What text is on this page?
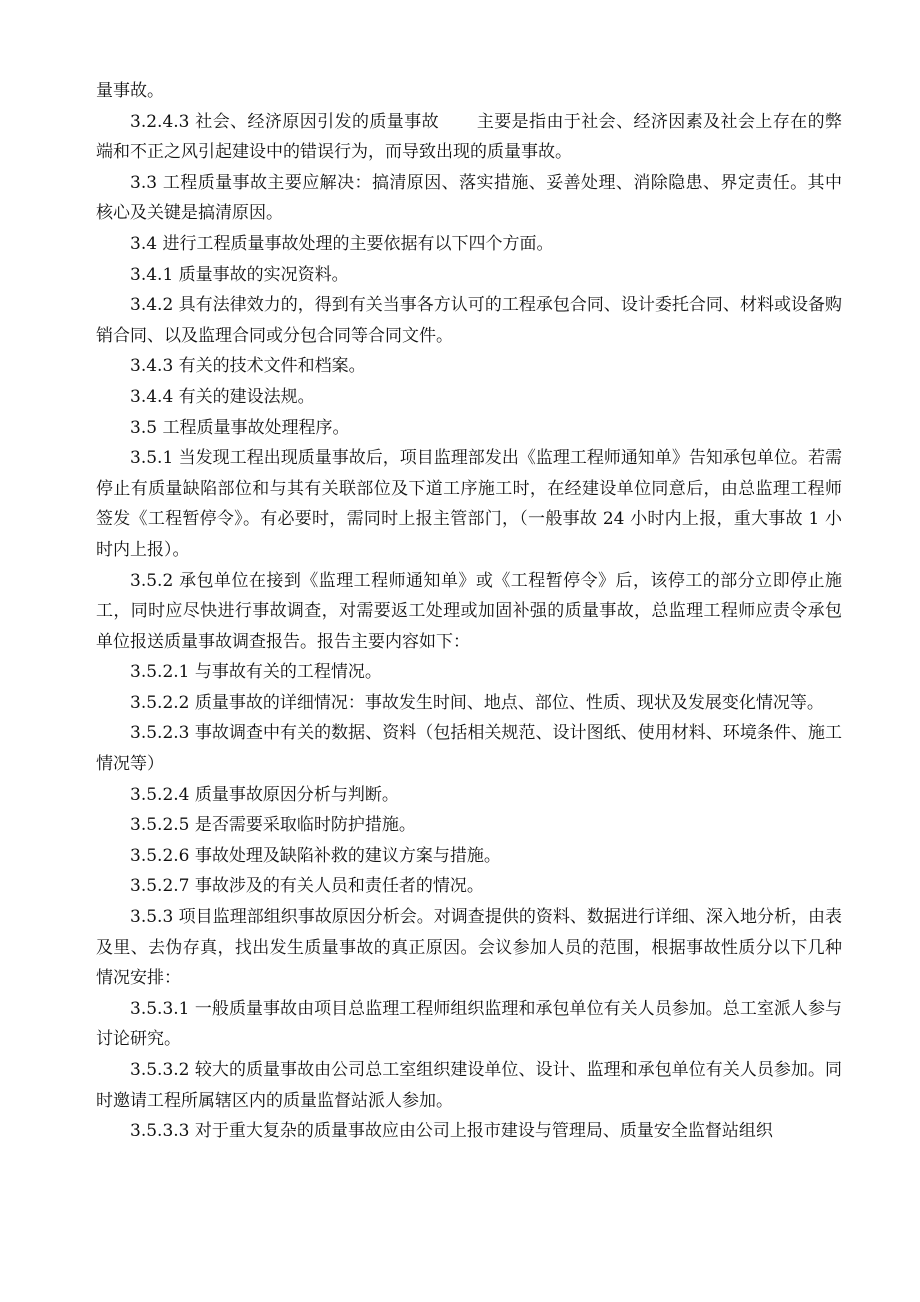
量事故。

3.2.4.3 社会、经济原因引发的质量事故 主要是指由于社会、经济因素及社会上存在的弊端和不正之风引起建设中的错误行为，而导致出现的质量事故。

3.3 工程质量事故主要应解决：搞清原因、落实措施、妥善处理、消除隐患、界定责任。其中核心及关键是搞清原因。

3.4 进行工程质量事故处理的主要依据有以下四个方面。

3.4.1 质量事故的实况资料。

3.4.2 具有法律效力的，得到有关当事各方认可的工程承包合同、设计委托合同、材料或设备购销合同、以及监理合同或分包合同等合同文件。

3.4.3 有关的技术文件和档案。

3.4.4 有关的建设法规。

3.5 工程质量事故处理程序。

3.5.1 当发现工程出现质量事故后，项目监理部发出《监理工程师通知单》告知承包单位。若需停止有质量缺陷部位和与其有关联部位及下道工序施工时，在经建设单位同意后，由总监理工程师签发《工程暂停令》。有必要时，需同时上报主管部门，（一般事故 24 小时内上报，重大事故 1 小时内上报）。

3.5.2 承包单位在接到《监理工程师通知单》或《工程暂停令》后，该停工的部分立即停止施工，同时应尽快进行事故调查，对需要返工处理或加固补强的质量事故，总监理工程师应责令承包单位报送质量事故调查报告。报告主要内容如下：

3.5.2.1 与事故有关的工程情况。

3.5.2.2 质量事故的详细情况：事故发生时间、地点、部位、性质、现状及发展变化情况等。

3.5.2.3 事故调查中有关的数据、资料（包括相关规范、设计图纸、使用材料、环境条件、施工情况等）

3.5.2.4 质量事故原因分析与判断。

3.5.2.5 是否需要采取临时防护措施。

3.5.2.6 事故处理及缺陷补救的建议方案与措施。

3.5.2.7 事故涉及的有关人员和责任者的情况。

3.5.3 项目监理部组织事故原因分析会。对调查提供的资料、数据进行详细、深入地分析，由表及里、去伪存真，找出发生质量事故的真正原因。会议参加人员的范围，根据事故性质分以下几种情况安排：

3.5.3.1 一般质量事故由项目总监理工程师组织监理和承包单位有关人员参加。总工室派人参与讨论研究。

3.5.3.2 较大的质量事故由公司总工室组织建设单位、设计、监理和承包单位有关人员参加。同时邀请工程所属辖区内的质量监督站派人参加。

3.5.3.3 对于重大复杂的质量事故应由公司上报市建设与管理局、质量安全监督站组织
